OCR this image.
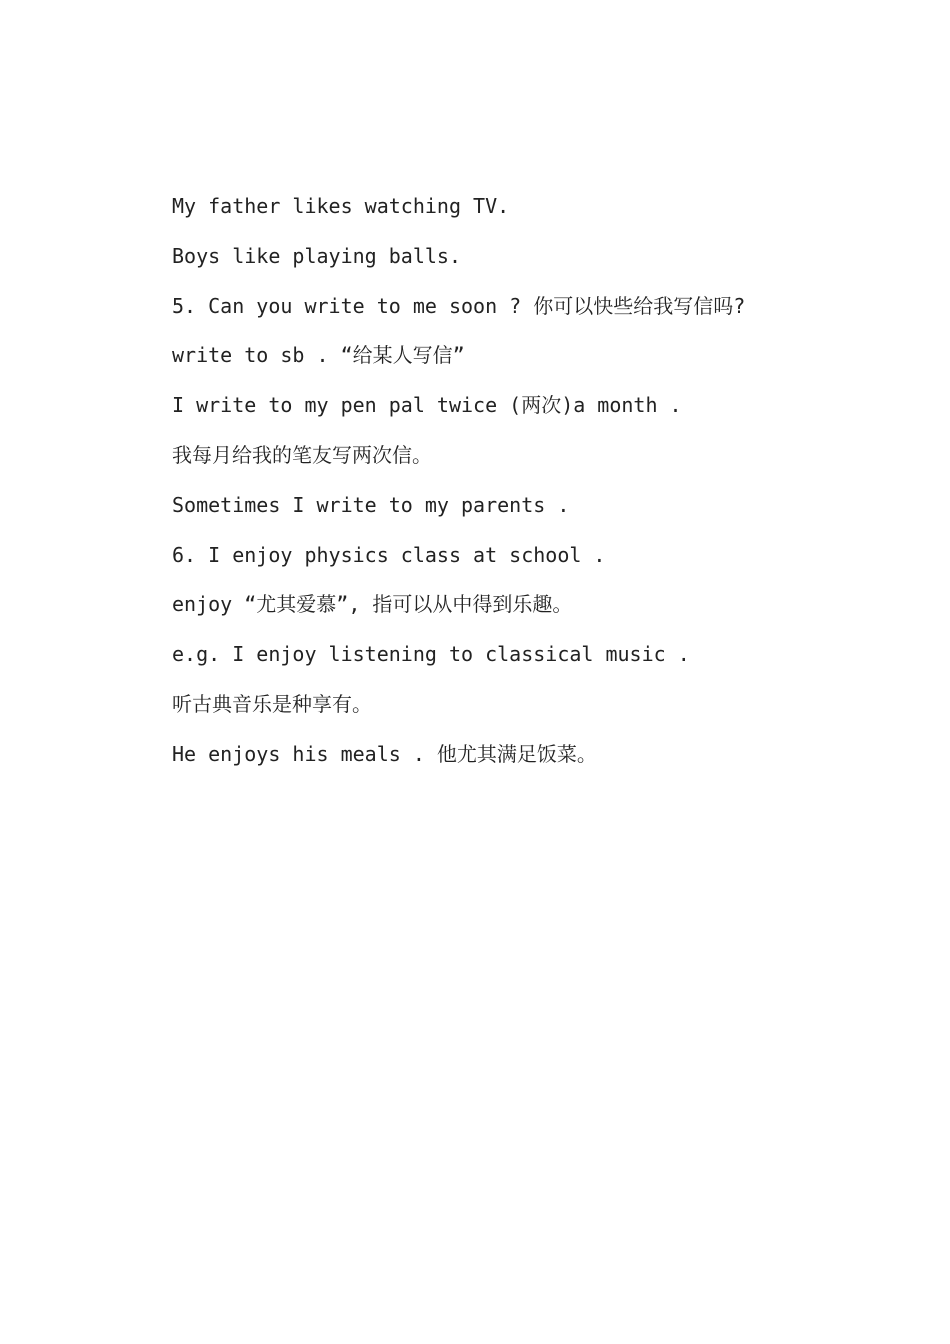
My father likes watching TV.
Boys like playing balls.
5. Can you write to me soon ? 你可以快些给我写信吗?
write to sb . “给某人写信”
I write to my pen pal twice (两次)a month .
我每月给我的笔友写两次信。
Sometimes I write to my parents .
6. I enjoy physics class at school .
enjoy “尤其爱慕”, 指可以从中得到乐趣。
e.g. I enjoy listening to classical music .
听古典音乐是种享有。
He enjoys his meals . 他尤其满足饭菜。
